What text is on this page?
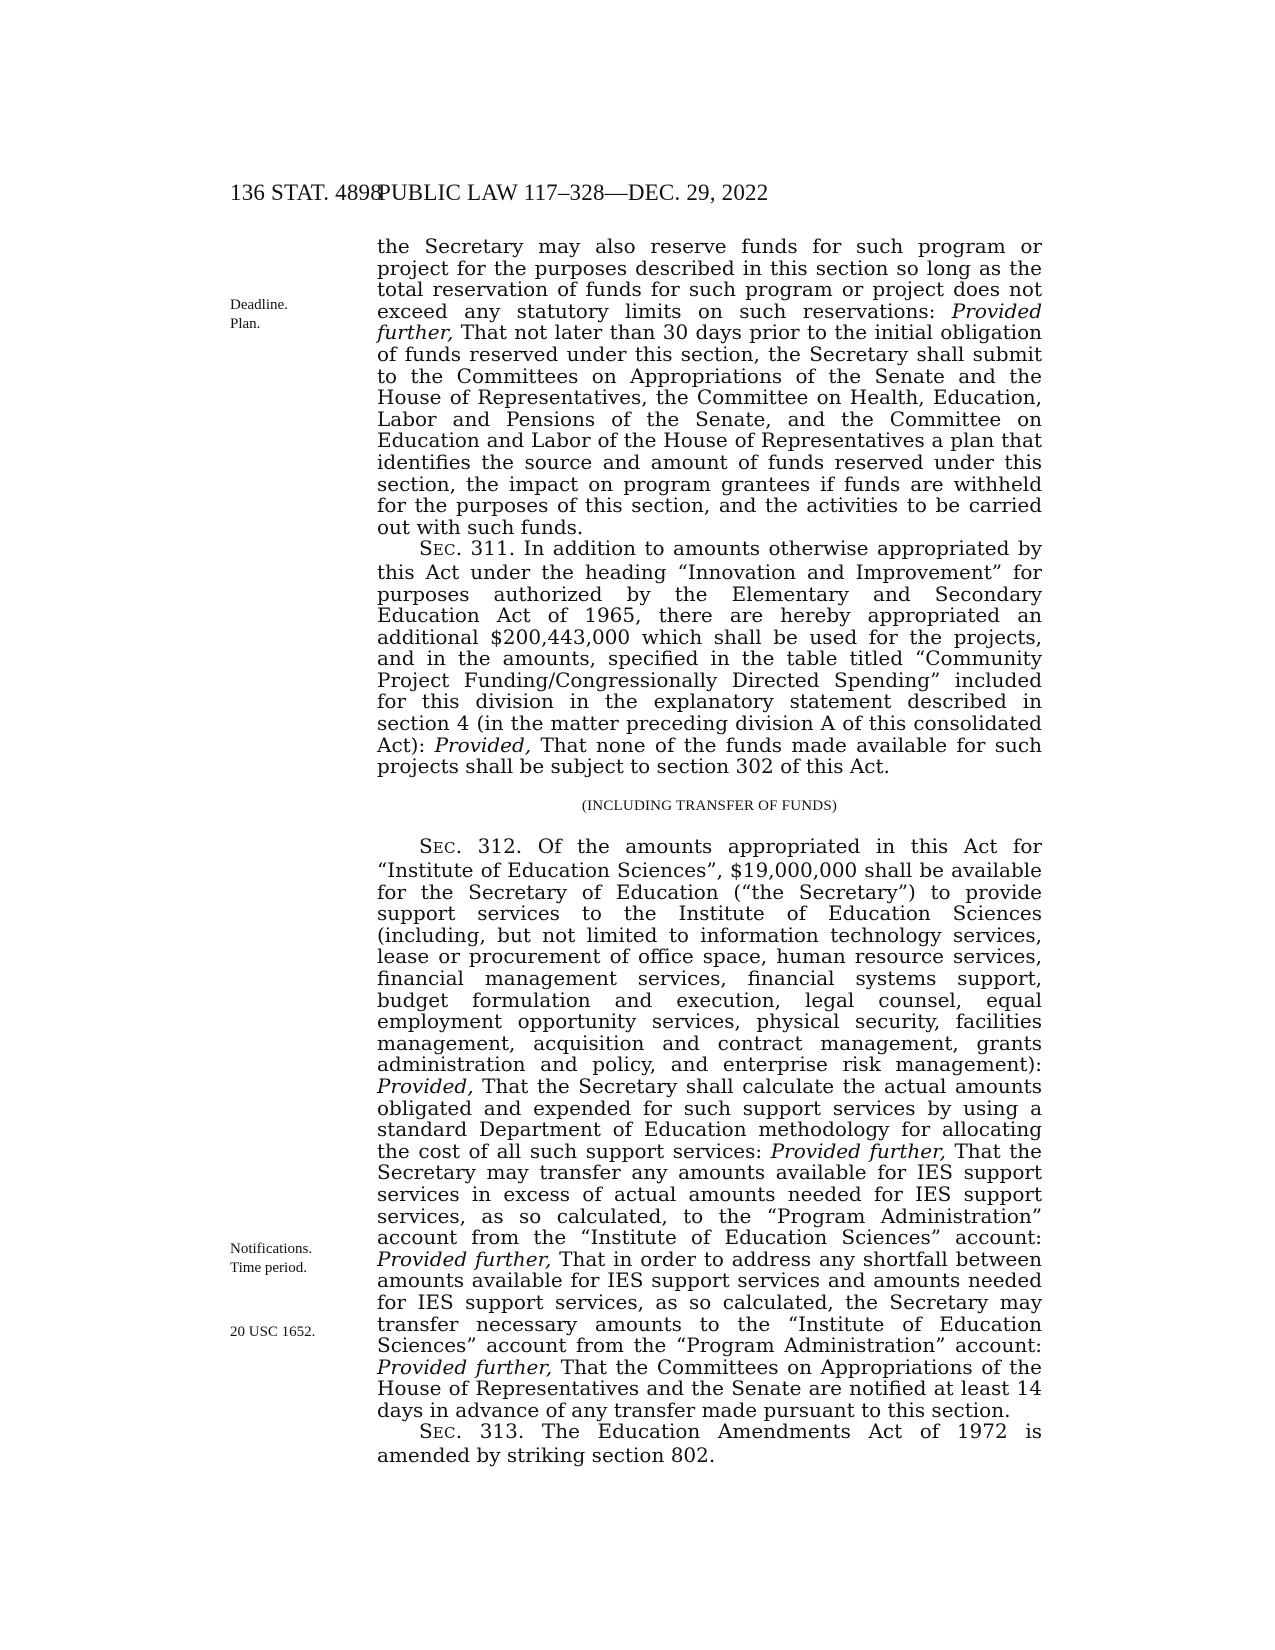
136 STAT. 4898
PUBLIC LAW 117–328—DEC. 29, 2022
Deadline.
Plan.
Notifications.
Time period.
20 USC 1652.

the Secretary may also reserve funds for such program or project for the purposes described in this section so long as the total reservation of funds for such program or project does not exceed any statutory limits on such reservations: Provided further, That not later than 30 days prior to the initial obligation of funds reserved under this section, the Secretary shall submit to the Committees on Appropriations of the Senate and the House of Representatives, the Committee on Health, Education, Labor and Pensions of the Senate, and the Committee on Education and Labor of the House of Representatives a plan that identifies the source and amount of funds reserved under this section, the impact on program grantees if funds are withheld for the purposes of this section, and the activities to be carried out with such funds.

SEC. 311. In addition to amounts otherwise appropriated by this Act under the heading “Innovation and Improvement” for purposes authorized by the Elementary and Secondary Education Act of 1965, there are hereby appropriated an additional $200,443,000 which shall be used for the projects, and in the amounts, specified in the table titled “Community Project Funding/Congressionally Directed Spending” included for this division in the explanatory statement described in section 4 (in the matter preceding division A of this consolidated Act): Provided, That none of the funds made available for such projects shall be subject to section 302 of this Act.

(INCLUDING TRANSFER OF FUNDS)

SEC. 312. Of the amounts appropriated in this Act for “Institute of Education Sciences”, $19,000,000 shall be available for the Secretary of Education (“the Secretary”) to provide support services to the Institute of Education Sciences (including, but not limited to information technology services, lease or procurement of office space, human resource services, financial management services, financial systems support, budget formulation and execution, legal counsel, equal employment opportunity services, physical security, facilities management, acquisition and contract management, grants administration and policy, and enterprise risk management): Provided, That the Secretary shall calculate the actual amounts obligated and expended for such support services by using a standard Department of Education methodology for allocating the cost of all such support services: Provided further, That the Secretary may transfer any amounts available for IES support services in excess of actual amounts needed for IES support services, as so calculated, to the “Program Administration” account from the “Institute of Education Sciences” account: Provided further, That in order to address any shortfall between amounts available for IES support services and amounts needed for IES support services, as so calculated, the Secretary may transfer necessary amounts to the “Institute of Education Sciences” account from the “Program Administration” account: Provided further, That the Committees on Appropriations of the House of Representatives and the Senate are notified at least 14 days in advance of any transfer made pursuant to this section.

SEC. 313. The Education Amendments Act of 1972 is amended by striking section 802.
